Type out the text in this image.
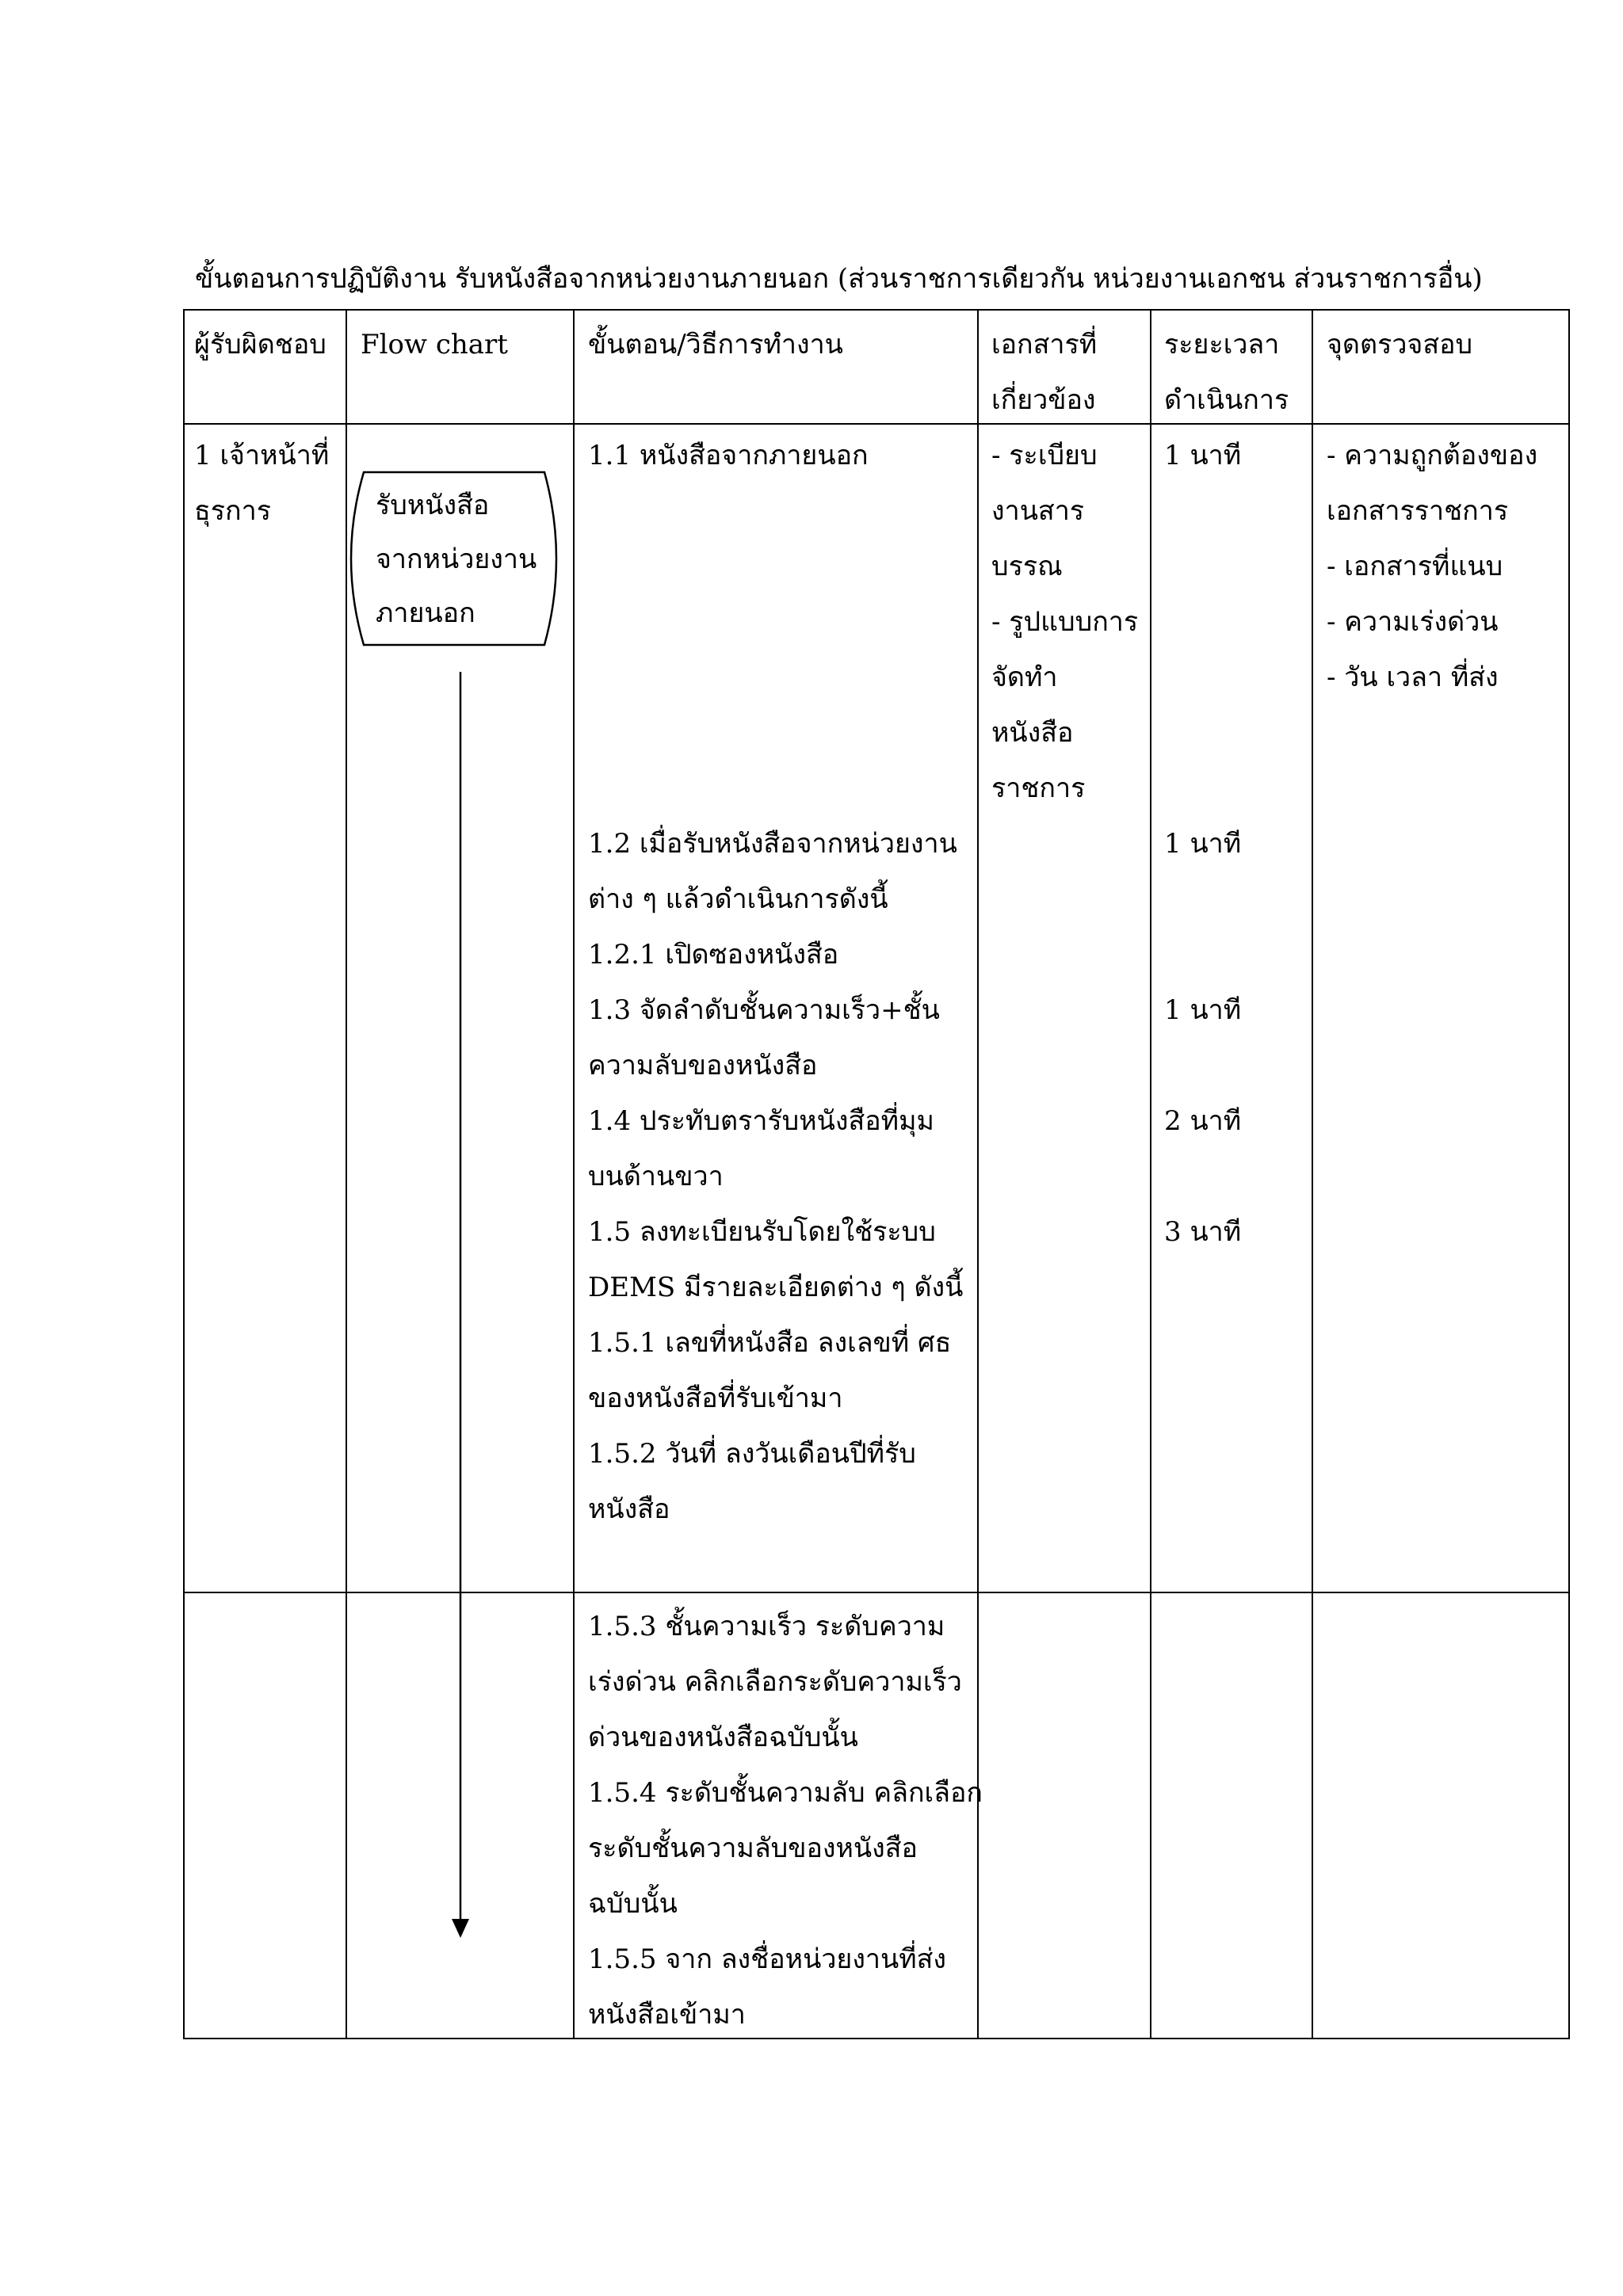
ขั้นตอนการปฏิบัติงาน รับหนังสือจากหน่วยงานภายนอก (ส่วนราชการเดียวกัน หน่วยงานเอกชน ส่วนราชการอื่น)
ผู้รับผิดชอบ Flow chart	ขั้นตอน/วิธีการทำงาน	เอกสารที่
เกี่ยวข้อง
ระยะเวลา
ดำเนินการ
จุดตรวจสอบ
1 เจ้าหน้าที่
ธุรการ
1.1 หนังสือจากภายนอก
1.2 เมื่อรับหนังสือจากหน่วยงาน
ต่าง ๆ แล้วดำเนินการดังนี้
1.2.1 เปิดซองหนังสือ
1.3 จัดลำดับชั้นความเร็ว+ชั้น
ความลับของหนังสือ
1.4 ประทับตรารับหนังสือที่มุม
บนด้านขวา
1.5 ลงทะเบียนรับโดยใช้ระบบ
DEMS มีรายละเอียดต่าง ๆ ดังนี้
1.5.1 เลขที่หนังสือ ลงเลขที่ ศธ
ของหนังสือที่รับเข้ามา
1.5.2 วันที่ ลงวันเดือนปีที่รับ
หนังสือ
- ระเบียบ
งานสาร
บรรณ
- รูปแบบการ
จัดทำ
หนังสือ
ราชการ
1 นาที
1 นาที
1 นาที
2 นาที
3 นาที
- ความถูกต้องของ
เอกสารราชการ
- เอกสารที่แนบ
- ความเร่งด่วน
- วัน เวลา ที่ส่ง
1.5.3 ชั้นความเร็ว ระดับความ
เร่งด่วน คลิกเลือกระดับความเร็ว
ด่วนของหนังสือฉบับนั้น
1.5.4 ระดับชั้นความลับ คลิกเลือก
ระดับชั้นความลับของหนังสือ
ฉบับนั้น
1.5.5 จาก ลงชื่อหน่วยงานที่ส่ง
หนังสือเข้ามา
รับหนังสือ
จากหน่วยงาน
ภายนอก
